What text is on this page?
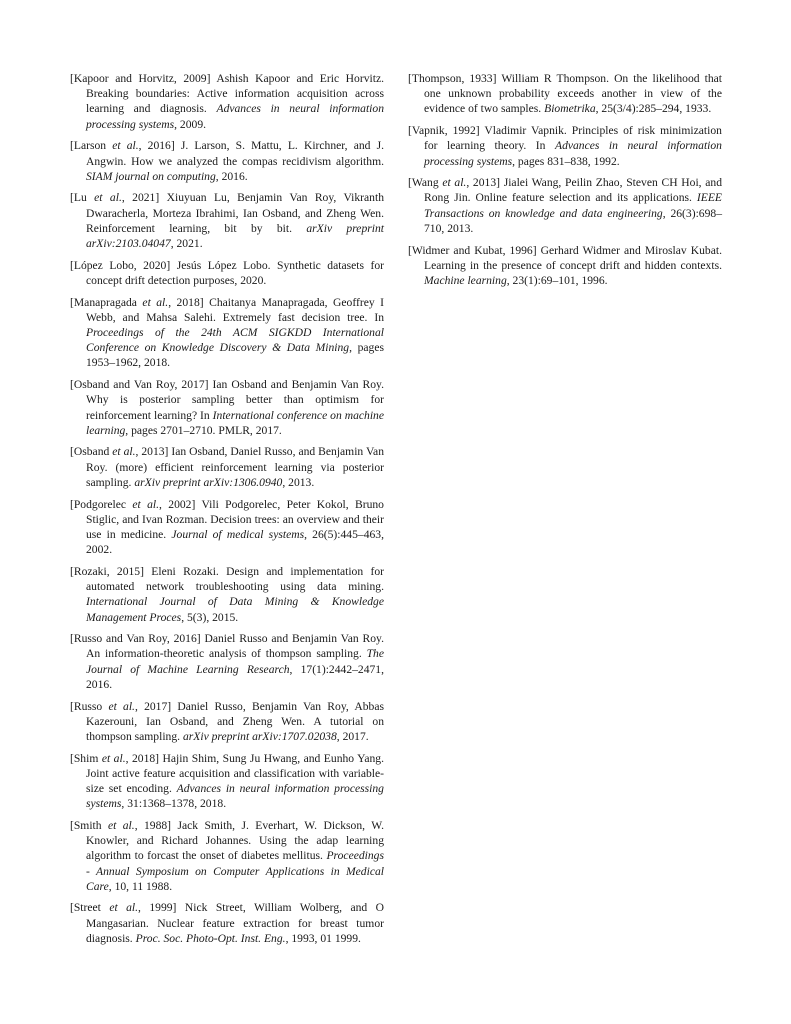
[Kapoor and Horvitz, 2009] Ashish Kapoor and Eric Horvitz. Breaking boundaries: Active information acquisition across learning and diagnosis. Advances in neural information processing systems, 2009.

[Larson et al., 2016] J. Larson, S. Mattu, L. Kirchner, and J. Angwin. How we analyzed the compas recidivism algorithm. SIAM journal on computing, 2016.

[Lu et al., 2021] Xiuyuan Lu, Benjamin Van Roy, Vikranth Dwaracherla, Morteza Ibrahimi, Ian Osband, and Zheng Wen. Reinforcement learning, bit by bit. arXiv preprint arXiv:2103.04047, 2021.

[López Lobo, 2020] Jesús López Lobo. Synthetic datasets for concept drift detection purposes, 2020.

[Manapragada et al., 2018] Chaitanya Manapragada, Geoffrey I Webb, and Mahsa Salehi. Extremely fast decision tree. In Proceedings of the 24th ACM SIGKDD International Conference on Knowledge Discovery & Data Mining, pages 1953–1962, 2018.

[Osband and Van Roy, 2017] Ian Osband and Benjamin Van Roy. Why is posterior sampling better than optimism for reinforcement learning? In International conference on machine learning, pages 2701–2710. PMLR, 2017.

[Osband et al., 2013] Ian Osband, Daniel Russo, and Benjamin Van Roy. (more) efficient reinforcement learning via posterior sampling. arXiv preprint arXiv:1306.0940, 2013.

[Podgorelec et al., 2002] Vili Podgorelec, Peter Kokol, Bruno Stiglic, and Ivan Rozman. Decision trees: an overview and their use in medicine. Journal of medical systems, 26(5):445–463, 2002.

[Rozaki, 2015] Eleni Rozaki. Design and implementation for automated network troubleshooting using data mining. International Journal of Data Mining & Knowledge Management Proces, 5(3), 2015.

[Russo and Van Roy, 2016] Daniel Russo and Benjamin Van Roy. An information-theoretic analysis of thompson sampling. The Journal of Machine Learning Research, 17(1):2442–2471, 2016.

[Russo et al., 2017] Daniel Russo, Benjamin Van Roy, Abbas Kazerouni, Ian Osband, and Zheng Wen. A tutorial on thompson sampling. arXiv preprint arXiv:1707.02038, 2017.

[Shim et al., 2018] Hajin Shim, Sung Ju Hwang, and Eunho Yang. Joint active feature acquisition and classification with variable-size set encoding. Advances in neural information processing systems, 31:1368–1378, 2018.

[Smith et al., 1988] Jack Smith, J. Everhart, W. Dickson, W. Knowler, and Richard Johannes. Using the adap learning algorithm to forcast the onset of diabetes mellitus. Proceedings - Annual Symposium on Computer Applications in Medical Care, 10, 11 1988.

[Street et al., 1999] Nick Street, William Wolberg, and O Mangasarian. Nuclear feature extraction for breast tumor diagnosis. Proc. Soc. Photo-Opt. Inst. Eng., 1993, 01 1999.

[Thompson, 1933] William R Thompson. On the likelihood that one unknown probability exceeds another in view of the evidence of two samples. Biometrika, 25(3/4):285–294, 1933.

[Vapnik, 1992] Vladimir Vapnik. Principles of risk minimization for learning theory. In Advances in neural information processing systems, pages 831–838, 1992.

[Wang et al., 2013] Jialei Wang, Peilin Zhao, Steven CH Hoi, and Rong Jin. Online feature selection and its applications. IEEE Transactions on knowledge and data engineering, 26(3):698–710, 2013.

[Widmer and Kubat, 1996] Gerhard Widmer and Miroslav Kubat. Learning in the presence of concept drift and hidden contexts. Machine learning, 23(1):69–101, 1996.
